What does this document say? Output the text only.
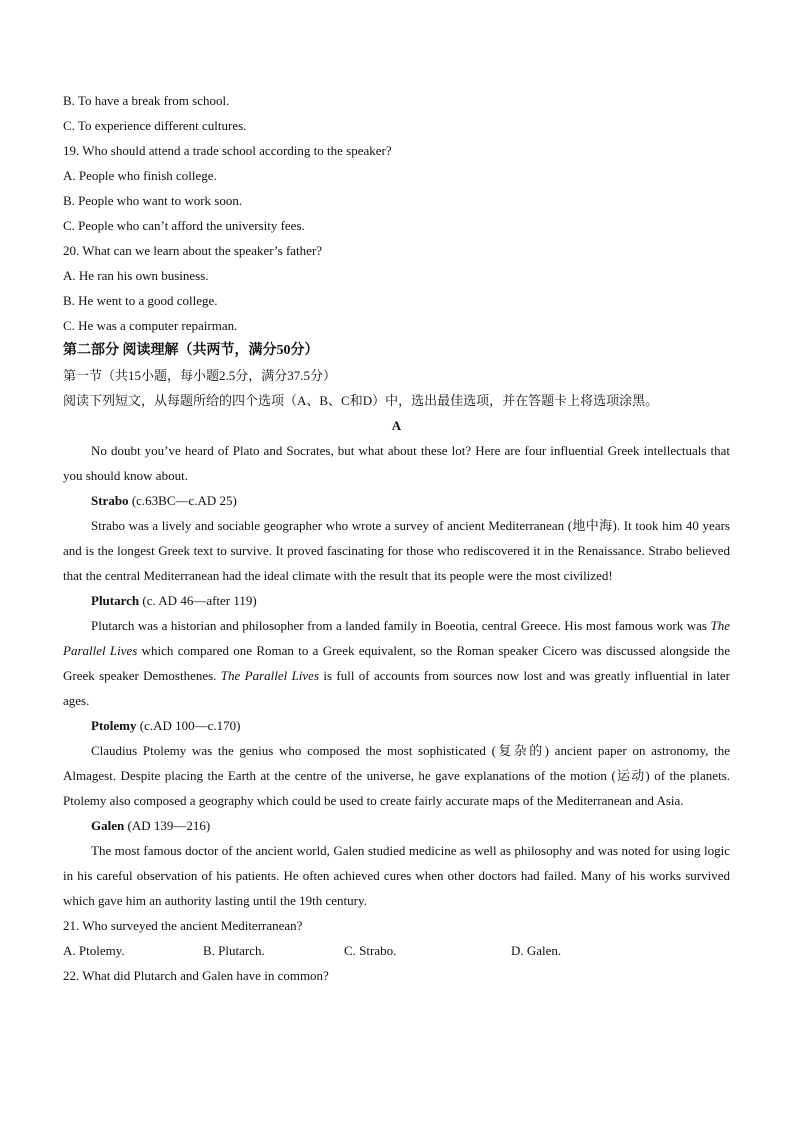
B. To have a break from school.
C. To experience different cultures.
19. Who should attend a trade school according to the speaker?
A. People who finish college.
B. People who want to work soon.
C. People who can’t afford the university fees.
20. What can we learn about the speaker’s father?
A. He ran his own business.
B. He went to a good college.
C. He was a computer repairman.
第二部分 阅读理解（共两节，满分50分）
第一节（共15小题，每小题2.5分，满分37.5分）
阅读下列短文，从每题所给的四个选项（A、B、C和D）中，选出最佳选项，并在答题卡上将选项涂黑。
A

No doubt you’ve heard of Plato and Socrates, but what about these lot? Here are four influential Greek intellectuals that you should know about.

Strabo (c.63BC—c.AD 25)

Strabo was a lively and sociable geographer who wrote a survey of ancient Mediterranean (地中海). It took him 40 years and is the longest Greek text to survive. It proved fascinating for those who rediscovered it in the Renaissance. Strabo believed that the central Mediterranean had the ideal climate with the result that its people were the most civilized!

Plutarch (c. AD 46—after 119)

Plutarch was a historian and philosopher from a landed family in Boeotia, central Greece. His most famous work was The Parallel Lives which compared one Roman to a Greek equivalent, so the Roman speaker Cicero was discussed alongside the Greek speaker Demosthenes. The Parallel Lives is full of accounts from sources now lost and was greatly influential in later ages.

Ptolemy (c.AD 100—c.170)

Claudius Ptolemy was the genius who composed the most sophisticated (复杂的) ancient paper on astronomy, the Almagest. Despite placing the Earth at the centre of the universe, he gave explanations of the motion (运动) of the planets. Ptolemy also composed a geography which could be used to create fairly accurate maps of the Mediterranean and Asia.

Galen (AD 139—216)

The most famous doctor of the ancient world, Galen studied medicine as well as philosophy and was noted for using logic in his careful observation of his patients. He often achieved cures when other doctors had failed. Many of his works survived which gave him an authority lasting until the 19th century.

21. Who surveyed the ancient Mediterranean?
A. Ptolemy.	B. Plutarch.	C. Strabo.	D. Galen.
22. What did Plutarch and Galen have in common?
